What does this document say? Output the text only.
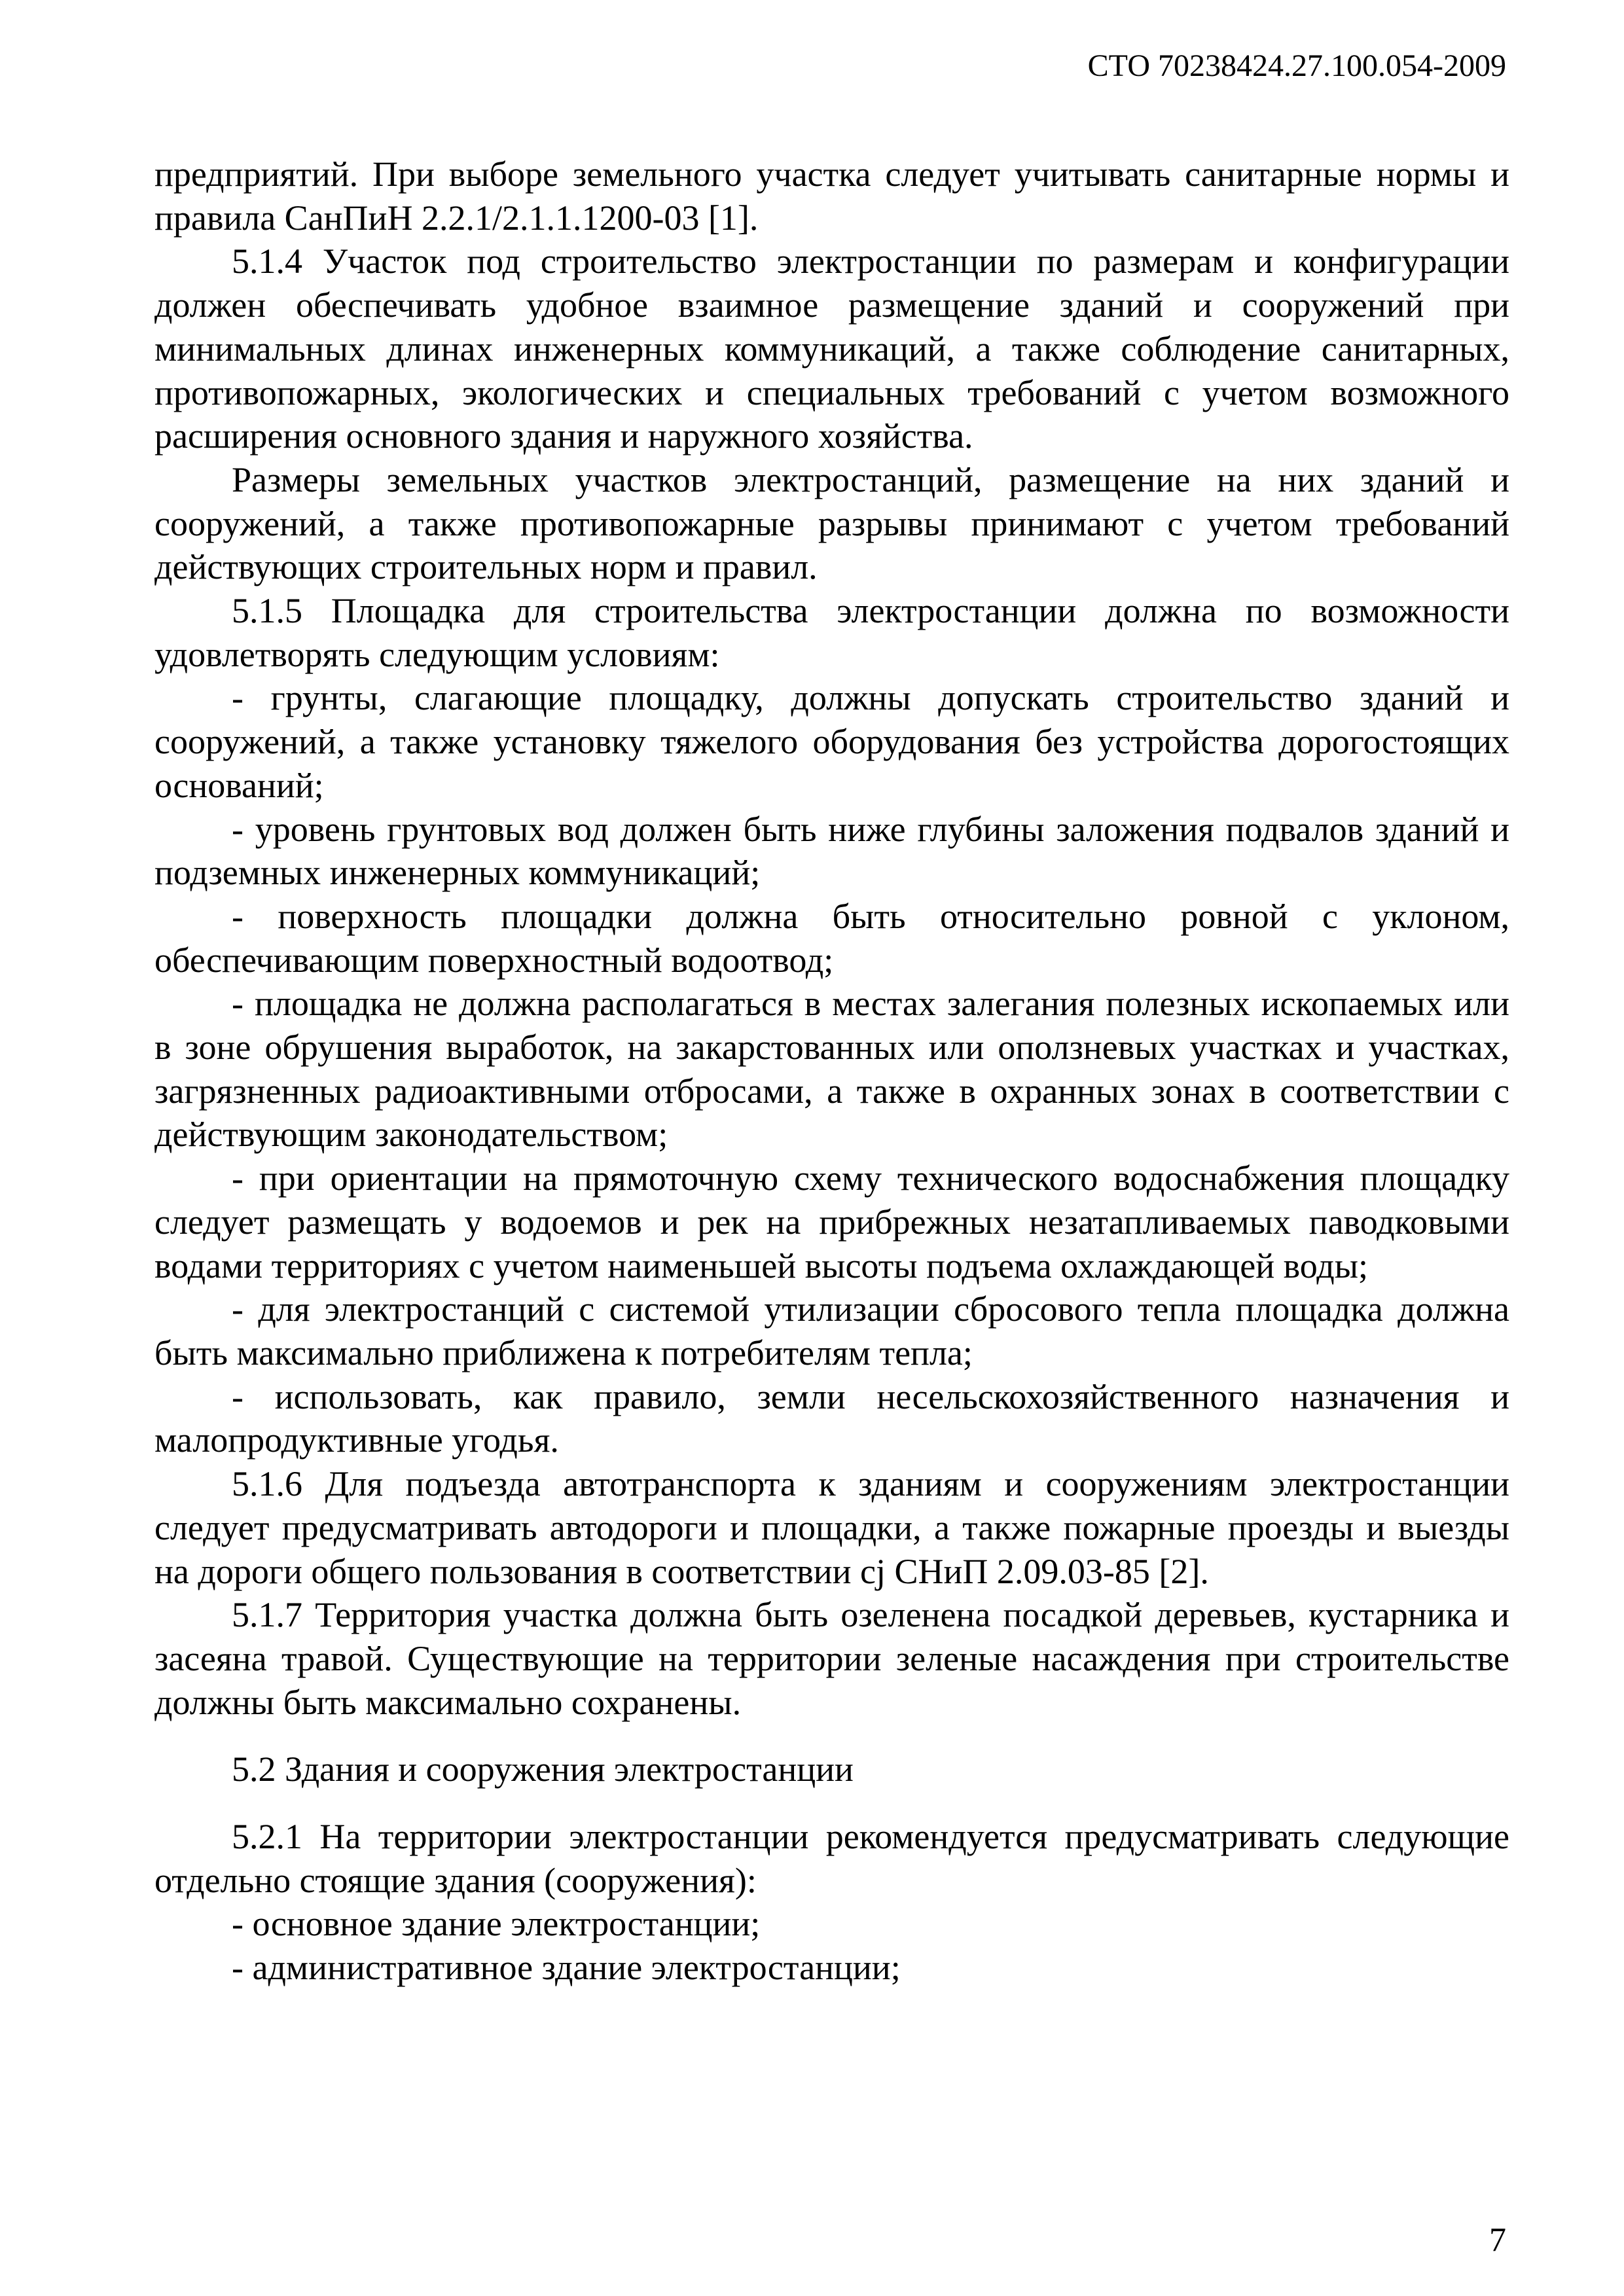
СТО 70238424.27.100.054-2009

предприятий. При выборе земельного участка следует учитывать санитарные нормы и правила СанПиН 2.2.1/2.1.1.1200-03 [1].

5.1.4 Участок под строительство электростанции по размерам и конфигурации должен обеспечивать удобное взаимное размещение зданий и сооружений при минимальных длинах инженерных коммуникаций, а также соблюдение санитарных, противопожарных, экологических и специальных требований с учетом возможного расширения основного здания и наружного хозяйства.

Размеры земельных участков электростанций, размещение на них зданий и сооружений, а также противопожарные разрывы принимают с учетом требований действующих строительных норм и правил.

5.1.5 Площадка для строительства электростанции должна по возможности удовлетворять следующим условиям:

- грунты, слагающие площадку, должны допускать строительство зданий и сооружений, а также установку тяжелого оборудования без устройства дорогостоящих оснований;

- уровень грунтовых вод должен быть ниже глубины заложения подвалов зданий и подземных инженерных коммуникаций;

- поверхность площадки должна быть относительно ровной с уклоном, обеспечивающим поверхностный водоотвод;

- площадка не должна располагаться в местах залегания полезных ископаемых или в зоне обрушения выработок, на закарстованных или оползневых участках и участках, загрязненных радиоактивными отбросами, а также в охранных зонах в соответствии с действующим законодательством;

- при ориентации на прямоточную схему технического водоснабжения площадку следует размещать у водоемов и рек на прибрежных незатапливаемых паводковыми водами территориях с учетом наименьшей высоты подъема охлаждающей воды;

- для электростанций с системой утилизации сбросового тепла площадка должна быть максимально приближена к потребителям тепла;

- использовать, как правило, земли несельскохозяйственного назначения и малопродуктивные угодья.

5.1.6 Для подъезда автотранспорта к зданиям и сооружениям электростанции следует предусматривать автодороги и площадки, а также пожарные проезды и выезды на дороги общего пользования в соответствии сj СНиП 2.09.03-85 [2].

5.1.7 Территория участка должна быть озеленена посадкой деревьев, кустарника и засеяна травой. Существующие на территории зеленые насаждения при строительстве должны быть максимально сохранены.

5.2 Здания и сооружения электростанции

5.2.1 На территории электростанции рекомендуется предусматривать следующие отдельно стоящие здания (сооружения):

- основное здание электростанции;

- административное здание электростанции;

7
